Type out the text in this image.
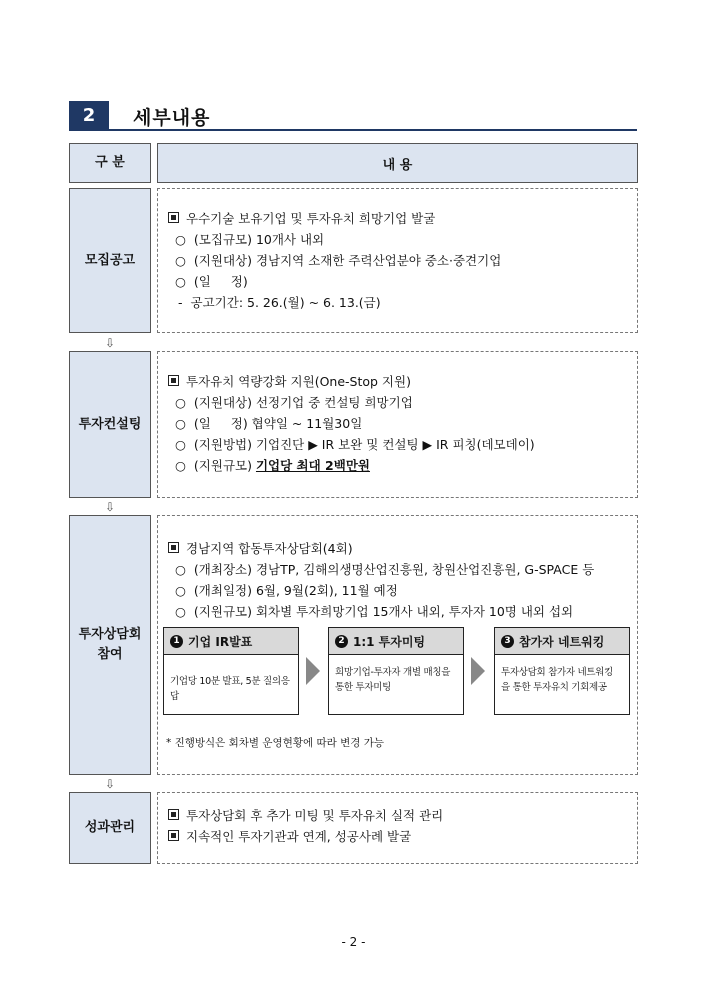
2	세부내용
구 분	내 용
모집공고
우수기술 보유기업 및 투자유치 희망기업 발굴
○ (모집규모) 10개사 내외
○ (지원대상) 경남지역 소재한 주력산업분야 중소·중견기업
○ (일     정)
- 공고기간: 5. 26.(월) ~ 6. 13.(금)
⇩
투자컨설팅
투자유치 역량강화 지원(One-Stop 지원)
○ (지원대상) 선정기업 중 컨설팅 희망기업
○ (일     정) 협약일 ~ 11월30일
○ (지원방법) 기업진단 ▶ IR 보완 및 컨설팅 ▶ IR 피칭(데모데이)
○ (지원규모) 기업당 최대 2백만원
⇩
투자상담회
참여
경남지역 합동투자상담회(4회)
○ (개최장소) 경남TP, 김해의생명산업진흥원, 창원산업진흥원, G-SPACE 등
○ (개최일정) 6월, 9월(2회), 11월 예정
○ (지원규모) 회차별 투자희망기업 15개사 내외, 투자자 10명 내외 섭외
* 진행방식은 회차별 운영현황에 따라 변경 가능
1 기업 IR발표
기업당 10분 발표, 5분 질의응답
2 1:1 투자미팅
희망기업-투자자 개별 매칭을
통한 투자미팅
3 참가자 네트워킹
투자상담회 참가자 네트워킹
을 통한 투자유치 기회제공
⇩
성과관리
투자상담회 후 추가 미팅 및 투자유치 실적 관리
지속적인 투자기관과 연계, 성공사례 발굴
- 2 -
